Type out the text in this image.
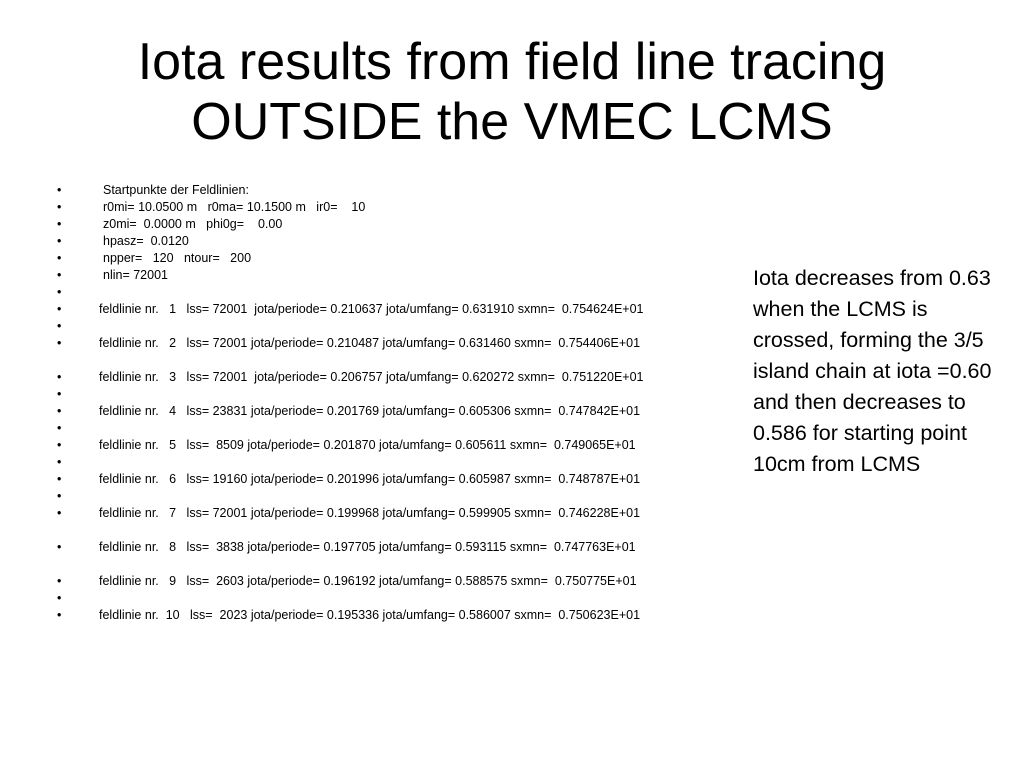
Iota results from field line tracing
OUTSIDE the VMEC LCMS
•	Startpunkte der Feldlinien:
•	r0mi= 10.0500 m   r0ma= 10.1500 m   ir0=    10
•	z0mi=  0.0000 m   phi0g=    0.00
•	hpasz=  0.0120
•	npper=   120   ntour=   200
•	nlin= 72001
•
•	feldlinie nr.   1   lss= 72001  jota/periode= 0.210637 jota/umfang= 0.631910 sxmn=  0.754624E+01
•
•	feldlinie nr.   2   lss= 72001 jota/periode= 0.210487 jota/umfang= 0.631460 sxmn=  0.754406E+01
•	feldlinie nr.   3   lss= 72001  jota/periode= 0.206757 jota/umfang= 0.620272 sxmn=  0.751220E+01
•
•	feldlinie nr.   4   lss= 23831 jota/periode= 0.201769 jota/umfang= 0.605306 sxmn=  0.747842E+01
•
•	feldlinie nr.   5   lss=  8509 jota/periode= 0.201870 jota/umfang= 0.605611 sxmn=  0.749065E+01
•
•	feldlinie nr.   6   lss= 19160 jota/periode= 0.201996 jota/umfang= 0.605987 sxmn=  0.748787E+01
•
•	feldlinie nr.   7   lss= 72001 jota/periode= 0.199968 jota/umfang= 0.599905 sxmn=  0.746228E+01
•	feldlinie nr.   8   lss=  3838 jota/periode= 0.197705 jota/umfang= 0.593115 sxmn=  0.747763E+01
•	feldlinie nr.   9   lss=  2603 jota/periode= 0.196192 jota/umfang= 0.588575 sxmn=  0.750775E+01
•
•	feldlinie nr.  10   lss=  2023 jota/periode= 0.195336 jota/umfang= 0.586007 sxmn=  0.750623E+01
Iota decreases from 0.63 when the LCMS is crossed, forming the 3/5 island chain at iota =0.60 and then decreases to 0.586 for starting point 10cm from LCMS
